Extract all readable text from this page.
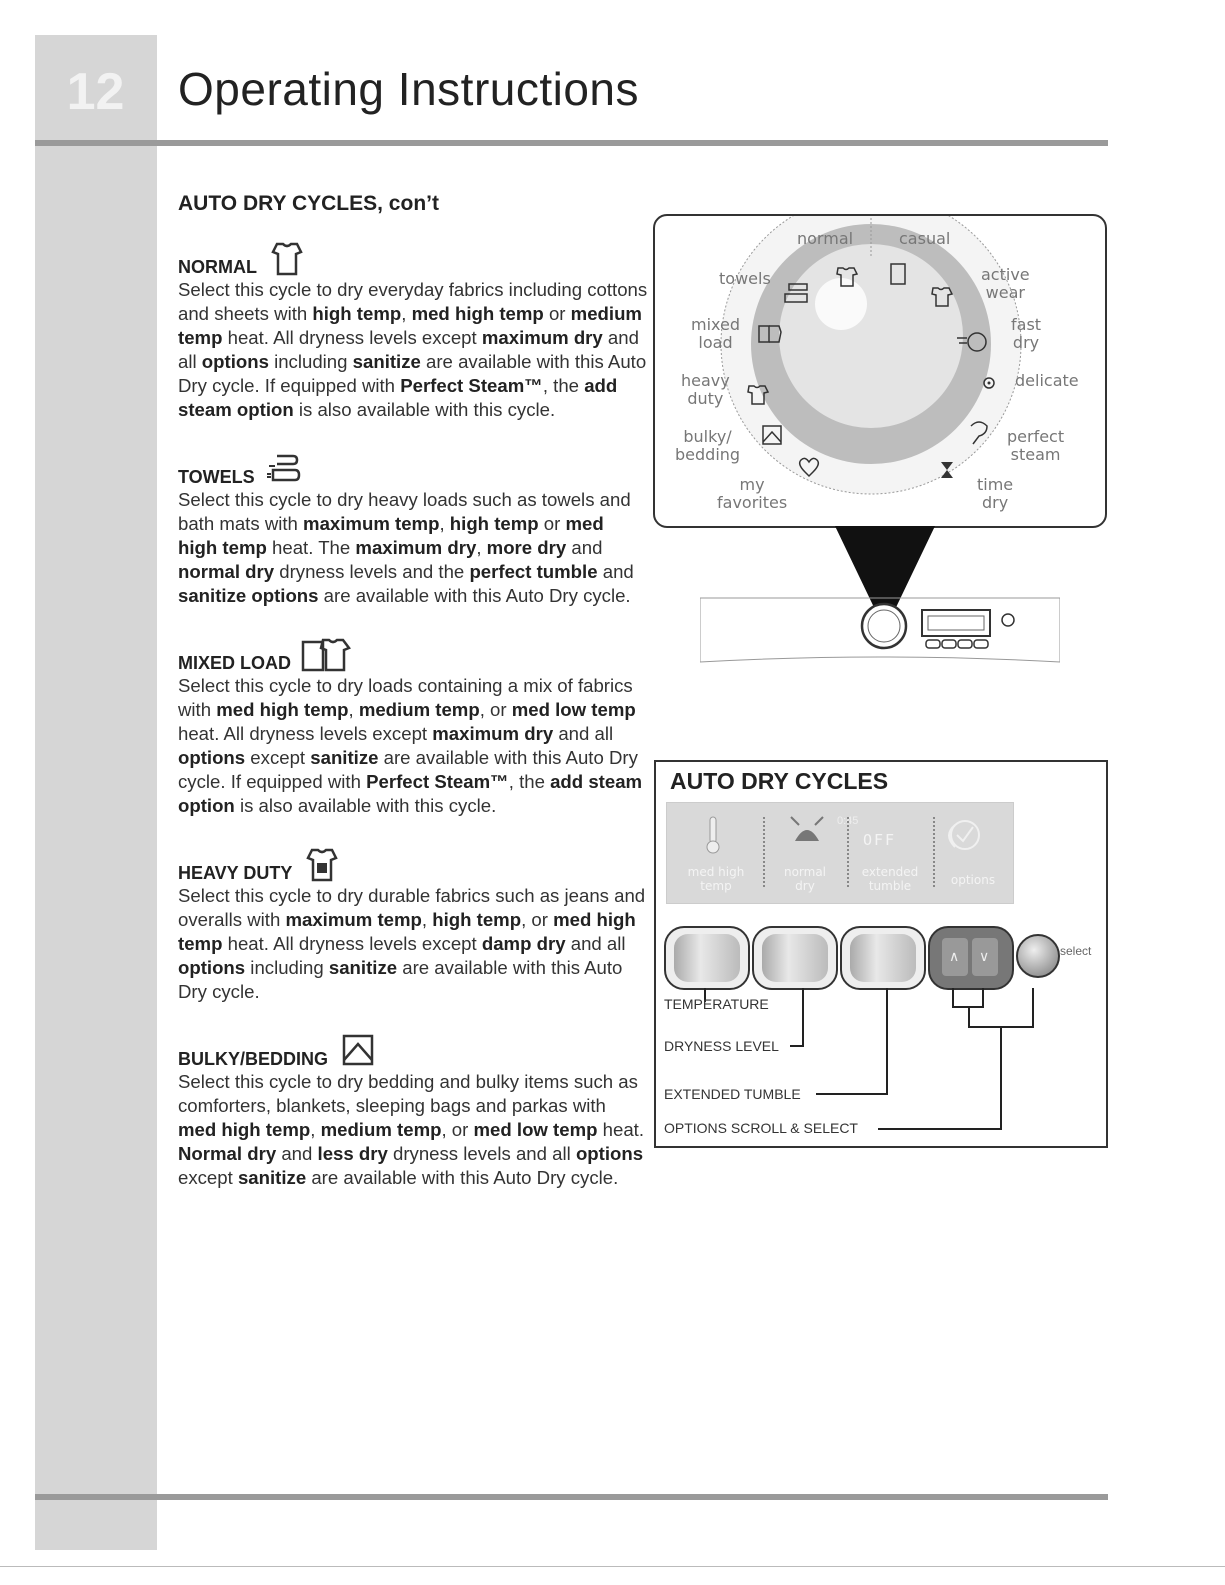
12	Operating Instructions
AUTO DRY CYCLES, con’t
NORMAL
Select this cycle to dry everyday fabrics including cottons and sheets with high temp, med high temp or medium temp heat. All dryness levels except maximum dry and all options including sanitize are available with this Auto Dry cycle. If equipped with Perfect Steam™, the add steam option is also available with this cycle.
TOWELS
Select this cycle to dry heavy loads such as towels and bath mats with maximum temp, high temp or med high temp heat. The maximum dry, more dry and normal dry dryness levels and the perfect tumble and sanitize options are available with this Auto Dry cycle.
MIXED LOAD
Select this cycle to dry loads containing a mix of fabrics with med high temp, medium temp, or med low temp heat. All dryness levels except maximum dry and all options except sanitize are available with this Auto Dry cycle. If equipped with Perfect Steam™, the add steam option is also available with this cycle.
HEAVY DUTY
Select this cycle to dry durable fabrics such as jeans and overalls with maximum temp, high temp, or med high temp heat. All dryness levels except damp dry and all options including sanitize are available with this Auto Dry cycle.
BULKY/BEDDING
Select this cycle to dry bedding and bulky items such as comforters, blankets, sleeping bags and parkas with med high temp, medium temp, or med low temp heat. Normal dry and less dry dryness levels and all options except sanitize are available with this Auto Dry cycle.
normal	casual
towels	active
wear
mixed
load
fast
dry
heavy
duty
delicate
bulky/
bedding
perfect
steam
my
favorites
time
dry
AUTO DRY CYCLES
0:45
OFF
med high
temp
normal
dry
extended
tumble	options
∧ ∨	select
TEMPERATURE
DRYNESS LEVEL
EXTENDED TUMBLE
OPTIONS SCROLL & SELECT
